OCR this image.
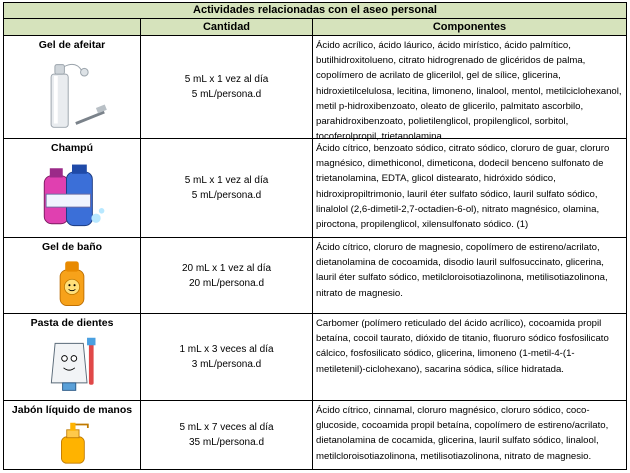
Actividades relacionadas con el aseo personal
Cantidad	Componentes
Gel de afeitar
5 mL x 1 vez al día
5 mL/persona.d
Ácido acrílico, ácido láurico, ácido mirístico, ácido palmítico, butilhidroxitolueno, citrato hidrogrenado de glicéridos de palma, copolímero de acrilato de glicerilol, gel de sílice, glicerina, hidroxietilcelulosa, lecitina, limoneno, linalool, mentol, metilciclohexanol, metil p-hidroxibenzoato, oleato de glicerilo, palmitato ascorbilo, parahidroxibenzoato, polietilenglicol, propilenglicol, sorbitol, tocoferolpropil, trietanolamina.
Champú
5 mL x 1 vez al día
5 mL/persona.d
Ácido cítrico, benzoato sódico, citrato sódico, cloruro de guar, cloruro magnésico, dimethiconol, dimeticona, dodecil benceno sulfonato de trietanolamina, EDTA, glicol distearato, hidróxido sódico, hidroxipropiltrimonio, lauril éter sulfato sódico, lauril sulfato sódico, linalolol (2,6-dimetil-2,7-octadien-6-ol), nitrato magnésico, olamina, piroctona, propilenglicol, xilensulfonato sódico. (1)
Gel de baño
20 mL x 1 vez al día
20 mL/persona.d
Ácido cítrico, cloruro de magnesio, copolímero de estireno/acrilato, dietanolamina de cocoamida, disodio lauril sulfosuccinato, glicerina, lauril éter sulfato sódico, metilcloroisotiazolinona, metilisotiazolinona, nitrato de magnesio.
Pasta de dientes
1 mL x 3 veces al día
3 mL/persona.d
Carbomer (polímero reticulado del ácido acrílico), cocoamida propil betaína, cocoil taurato, dióxido de titanio, fluoruro sódico fosfosilicato cálcico, fosfosilicato sódico, glicerina, limoneno (1-metil-4-(1-metiletenil)-ciclohexano), sacarina sódica, sílice hidratada.
Jabón líquido de manos
5 mL x 7 veces al día
35 mL/persona.d
Ácido cítrico, cinnamal, cloruro magnésico, cloruro sódico, coco-glucoside, cocoamida propil betaína, copolímero de estireno/acrilato, dietanolamina de cocamida, glicerina, lauril sulfato sódico, linalool, metilcloroisotiazolinona, metilisotiazolinona, nitrato de magnesio.
